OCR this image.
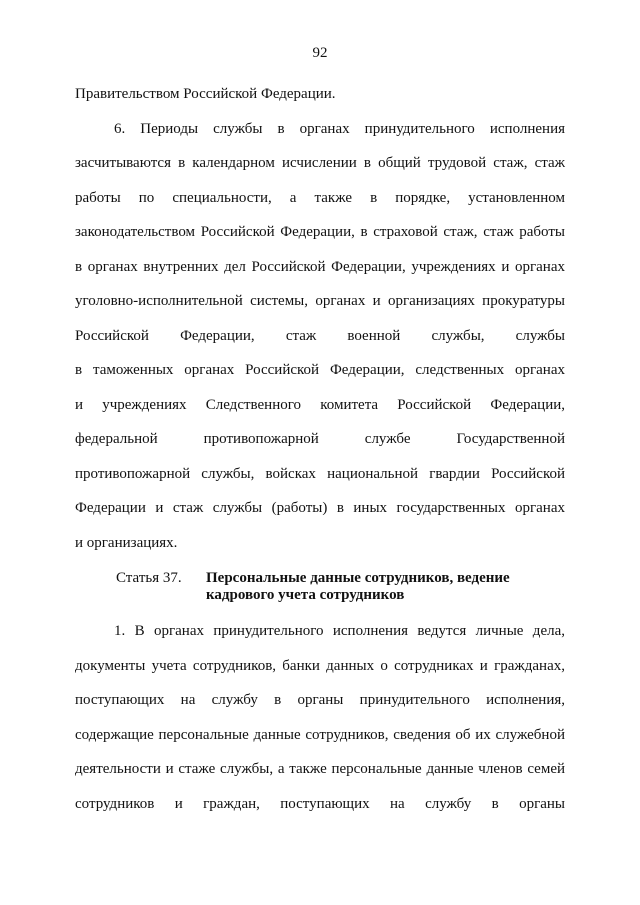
92
Правительством Российской Федерации.
6. Периоды службы в органах принудительного исполнения
засчитываются в календарном исчислении в общий трудовой стаж, стаж
работы по специальности, а также в порядке, установленном
законодательством Российской Федерации, в страховой стаж, стаж работы
в органах внутренних дел Российской Федерации, учреждениях и органах
уголовно-исполнительной системы, органах и организациях прокуратуры
Российской Федерации, стаж военной службы, службы
в таможенных органах Российской Федерации, следственных органах
и учреждениях Следственного комитета Российской Федерации,
федеральной противопожарной службе Государственной
противопожарной службы, войсках национальной гвардии Российской
Федерации и стаж службы (работы) в иных государственных органах
и организациях.
Статья 37. Персональные данные сотрудников, ведение
кадрового учета сотрудников
1. В органах принудительного исполнения ведутся личные дела,
документы учета сотрудников, банки данных о сотрудниках и гражданах,
поступающих на службу в органы принудительного исполнения,
содержащие персональные данные сотрудников, сведения об их служебной
деятельности и стаже службы, а также персональные данные членов семей
сотрудников и граждан, поступающих на службу в органы
